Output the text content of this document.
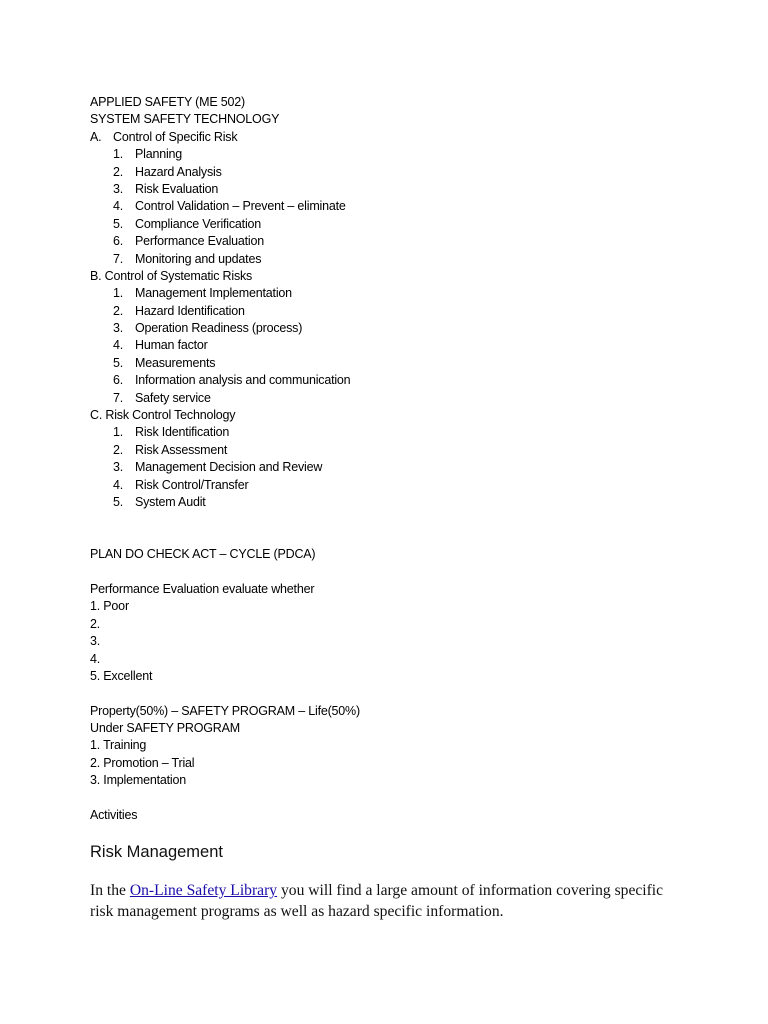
APPLIED SAFETY (ME 502)
SYSTEM SAFETY TECHNOLOGY
A. Control of Specific Risk
1. Planning
2. Hazard Analysis
3. Risk Evaluation
4. Control Validation – Prevent – eliminate
5. Compliance Verification
6. Performance Evaluation
7. Monitoring and updates
B. Control of Systematic Risks
1. Management Implementation
2. Hazard Identification
3. Operation Readiness (process)
4. Human factor
5. Measurements
6. Information analysis and communication
7. Safety service
C. Risk Control Technology
1. Risk Identification
2. Risk Assessment
3. Management Decision and Review
4. Risk Control/Transfer
5. System Audit
PLAN DO CHECK ACT – CYCLE (PDCA)
Performance Evaluation evaluate whether
1. Poor
2.
3.
4.
5. Excellent
Property(50%) – SAFETY PROGRAM – Life(50%)
Under SAFETY PROGRAM
1. Training
2. Promotion – Trial
3. Implementation
Activities
Risk Management
In the On-Line Safety Library you will find a large amount of information covering specific risk management programs as well as hazard specific information.
